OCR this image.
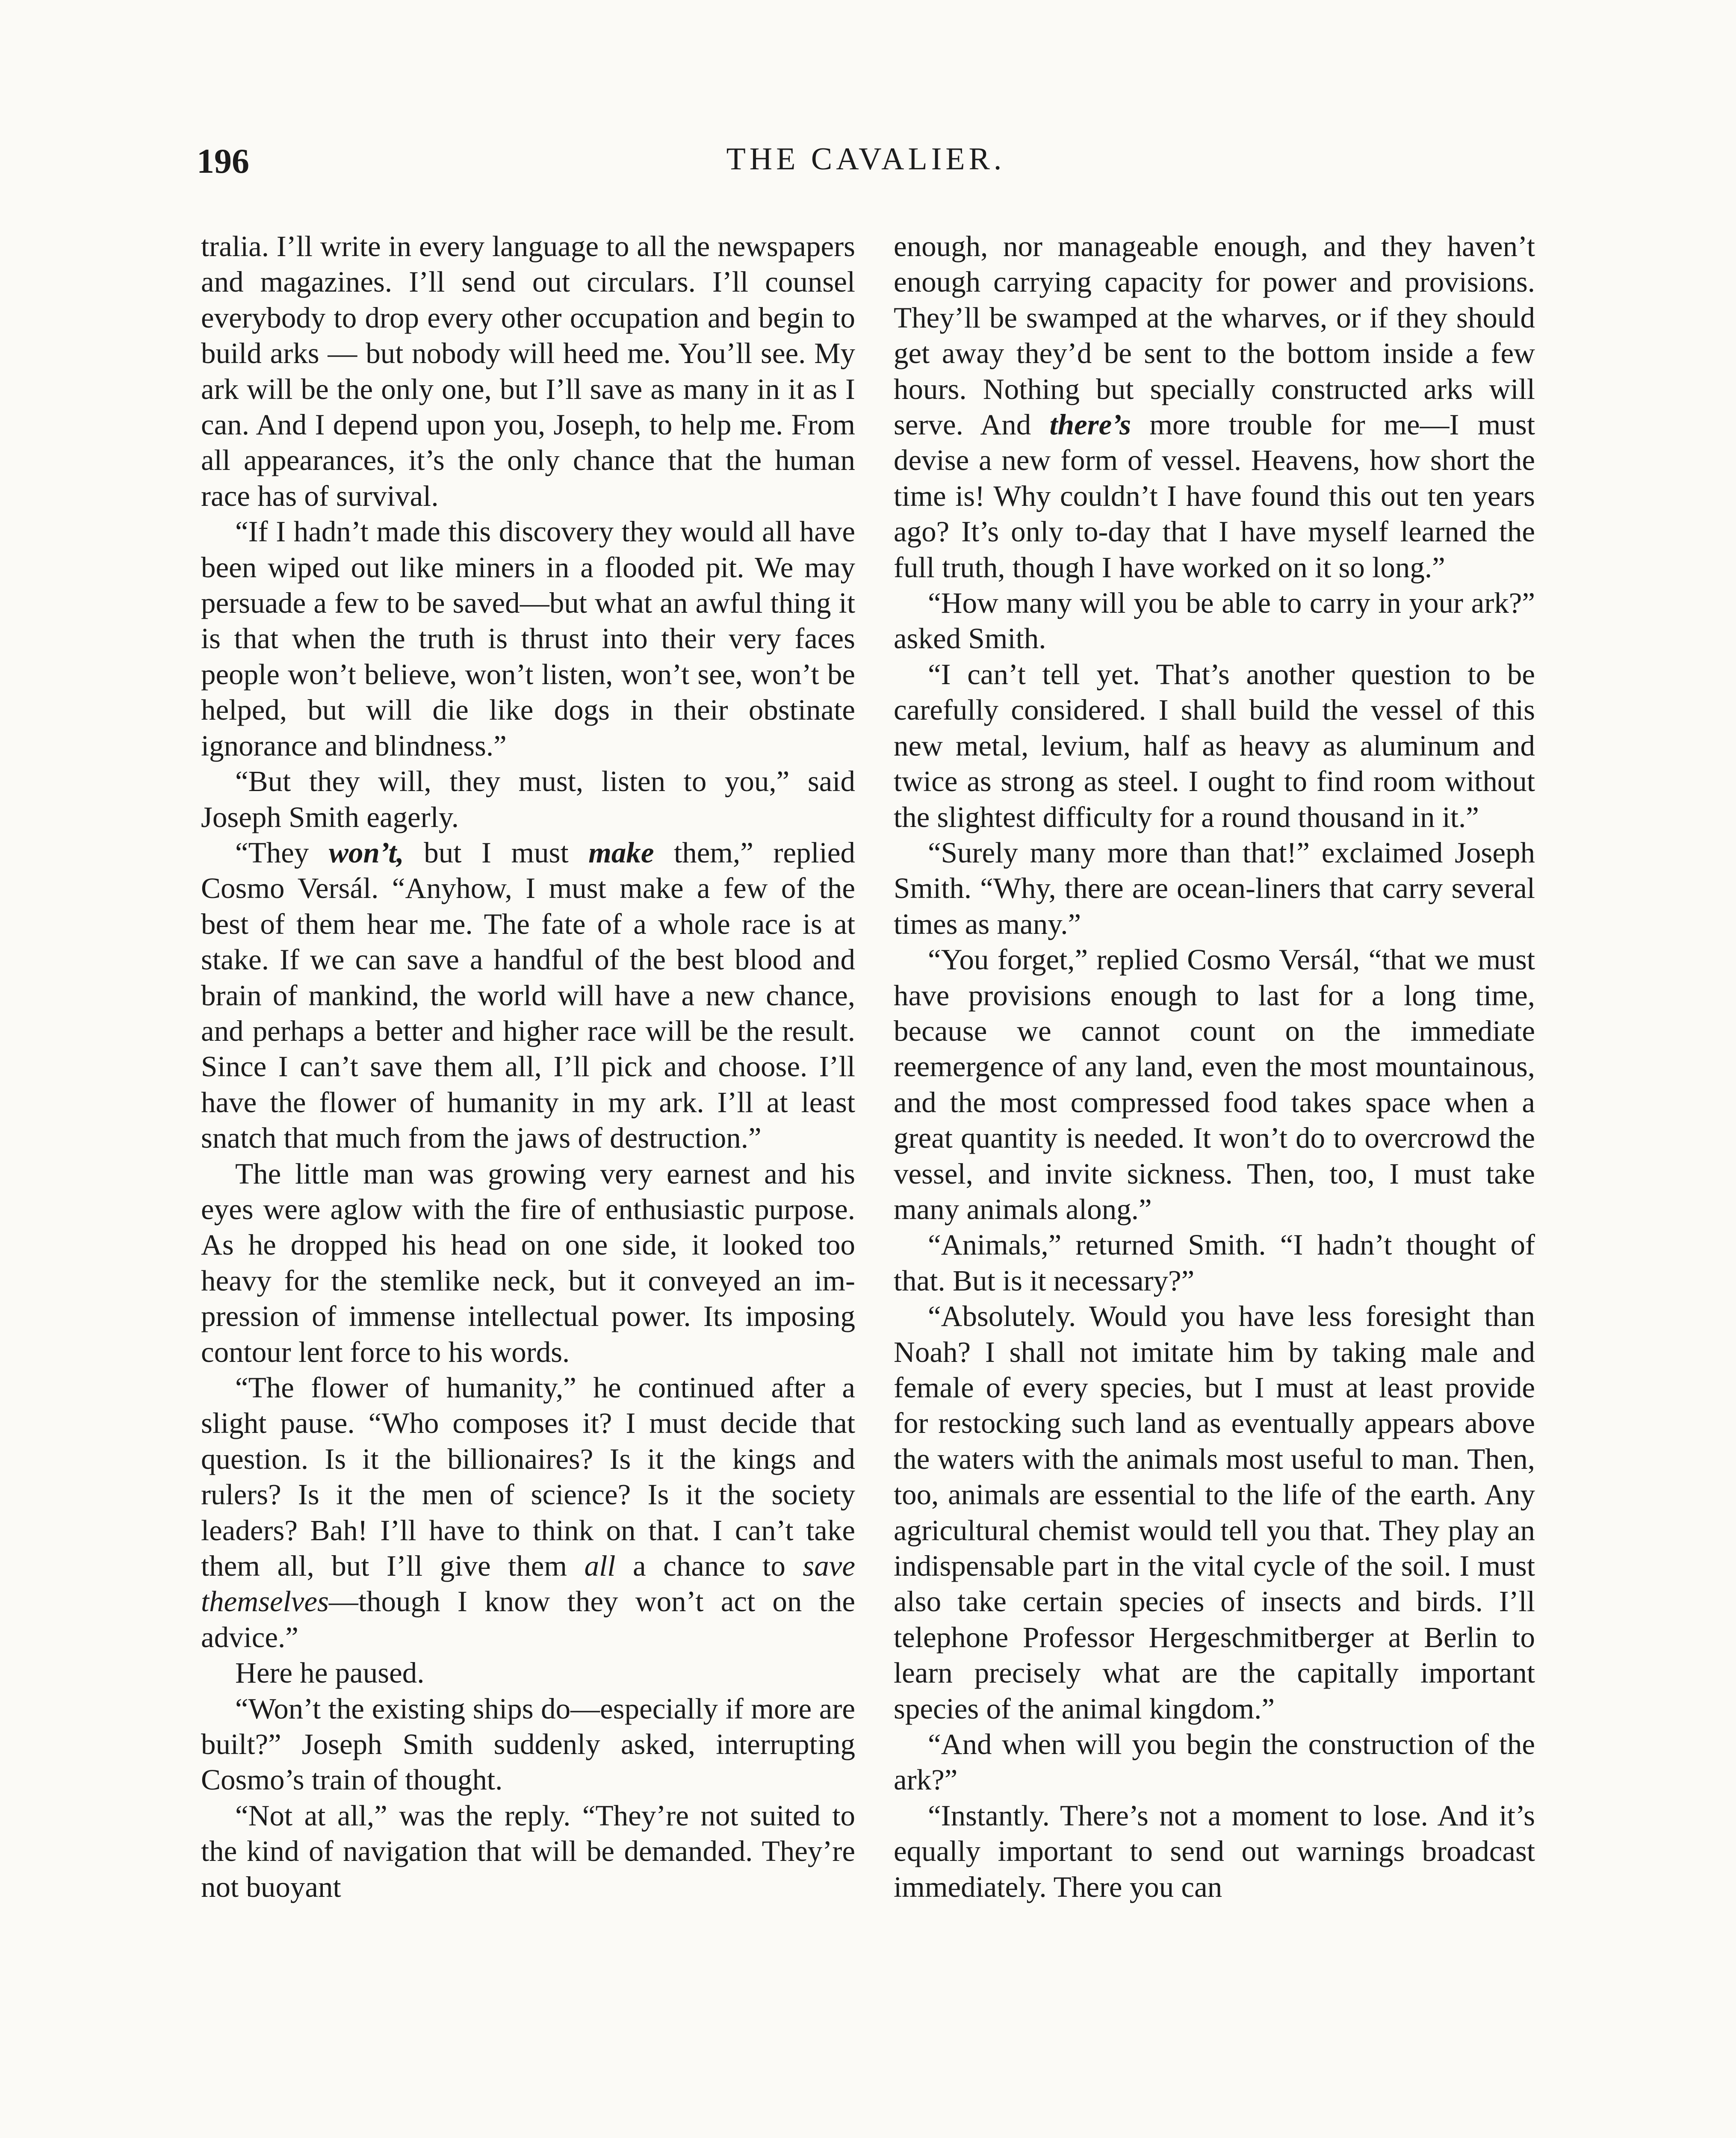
196	THE CAVALIER.

tralia. I’ll write in every language to all the newspapers and magazines. I’ll send out circulars. I’ll counsel everybody to drop every other occupation and begin to build arks — but nobody will heed me. You’ll see. My ark will be the only one, but I’ll save as many in it as I can. And I depend upon you, Joseph, to help me. From all appearances, it’s the only chance that the human race has of survival.

“If I hadn’t made this discovery they would all have been wiped out like miners in a flooded pit. We may persuade a few to be saved—but what an awful thing it is that when the truth is thrust into their very faces people won’t believe, won’t listen, won’t see, won’t be helped, but will die like dogs in their obstinate ignorance and blindness.”

“But they will, they must, listen to you,” said Joseph Smith eagerly.

“They won’t, but I must make them,” replied Cosmo Versál. “Anyhow, I must make a few of the best of them hear me. The fate of a whole race is at stake. If we can save a handful of the best blood and brain of mankind, the world will have a new chance, and perhaps a better and higher race will be the result. Since I can’t save them all, I’ll pick and choose. I’ll have the flower of humanity in my ark. I’ll at least snatch that much from the jaws of destruction.”

The little man was growing very earnest and his eyes were aglow with the fire of enthusiastic purpose. As he dropped his head on one side, it looked too heavy for the stemlike neck, but it conveyed an impression of immense intellectual power. Its imposing contour lent force to his words.

“The flower of humanity,” he continued after a slight pause. “Who composes it? I must decide that question. Is it the billionaires? Is it the kings and rulers? Is it the men of science? Is it the society leaders? Bah! I’ll have to think on that. I can’t take them all, but I’ll give them all a chance to save themselves—though I know they won’t act on the advice.”

Here he paused.

“Won’t the existing ships do—especially if more are built?” Joseph Smith suddenly asked, interrupting Cosmo’s train of thought.

“Not at all,” was the reply. “They’re not suited to the kind of navigation that will be demanded. They’re not buoyant

enough, nor manageable enough, and they haven’t enough carrying capacity for power and provisions. They’ll be swamped at the wharves, or if they should get away they’d be sent to the bottom inside a few hours. Nothing but specially constructed arks will serve. And there’s more trouble for me—I must devise a new form of vessel. Heavens, how short the time is! Why couldn’t I have found this out ten years ago? It’s only to-day that I have myself learned the full truth, though I have worked on it so long.”

“How many will you be able to carry in your ark?” asked Smith.

“I can’t tell yet. That’s another question to be carefully considered. I shall build the vessel of this new metal, levium, half as heavy as aluminum and twice as strong as steel. I ought to find room without the slightest difficulty for a round thousand in it.”

“Surely many more than that!” exclaimed Joseph Smith. “Why, there are ocean-liners that carry several times as many.”

“You forget,” replied Cosmo Versál, “that we must have provisions enough to last for a long time, because we cannot count on the immediate reemergence of any land, even the most mountainous, and the most compressed food takes space when a great quantity is needed. It won’t do to overcrowd the vessel, and invite sickness. Then, too, I must take many animals along.”

“Animals,” returned Smith. “I hadn’t thought of that. But is it necessary?”

“Absolutely. Would you have less foresight than Noah? I shall not imitate him by taking male and female of every species, but I must at least provide for restocking such land as eventually appears above the waters with the animals most useful to man. Then, too, animals are essential to the life of the earth. Any agricultural chemist would tell you that. They play an indispensable part in the vital cycle of the soil. I must also take certain species of insects and birds. I’ll telephone Professor Hergeschmitberger at Berlin to learn precisely what are the capitally important species of the animal kingdom.”

“And when will you begin the construction of the ark?”

“Instantly. There’s not a moment to lose. And it’s equally important to send out warnings broadcast immediately. There you can
